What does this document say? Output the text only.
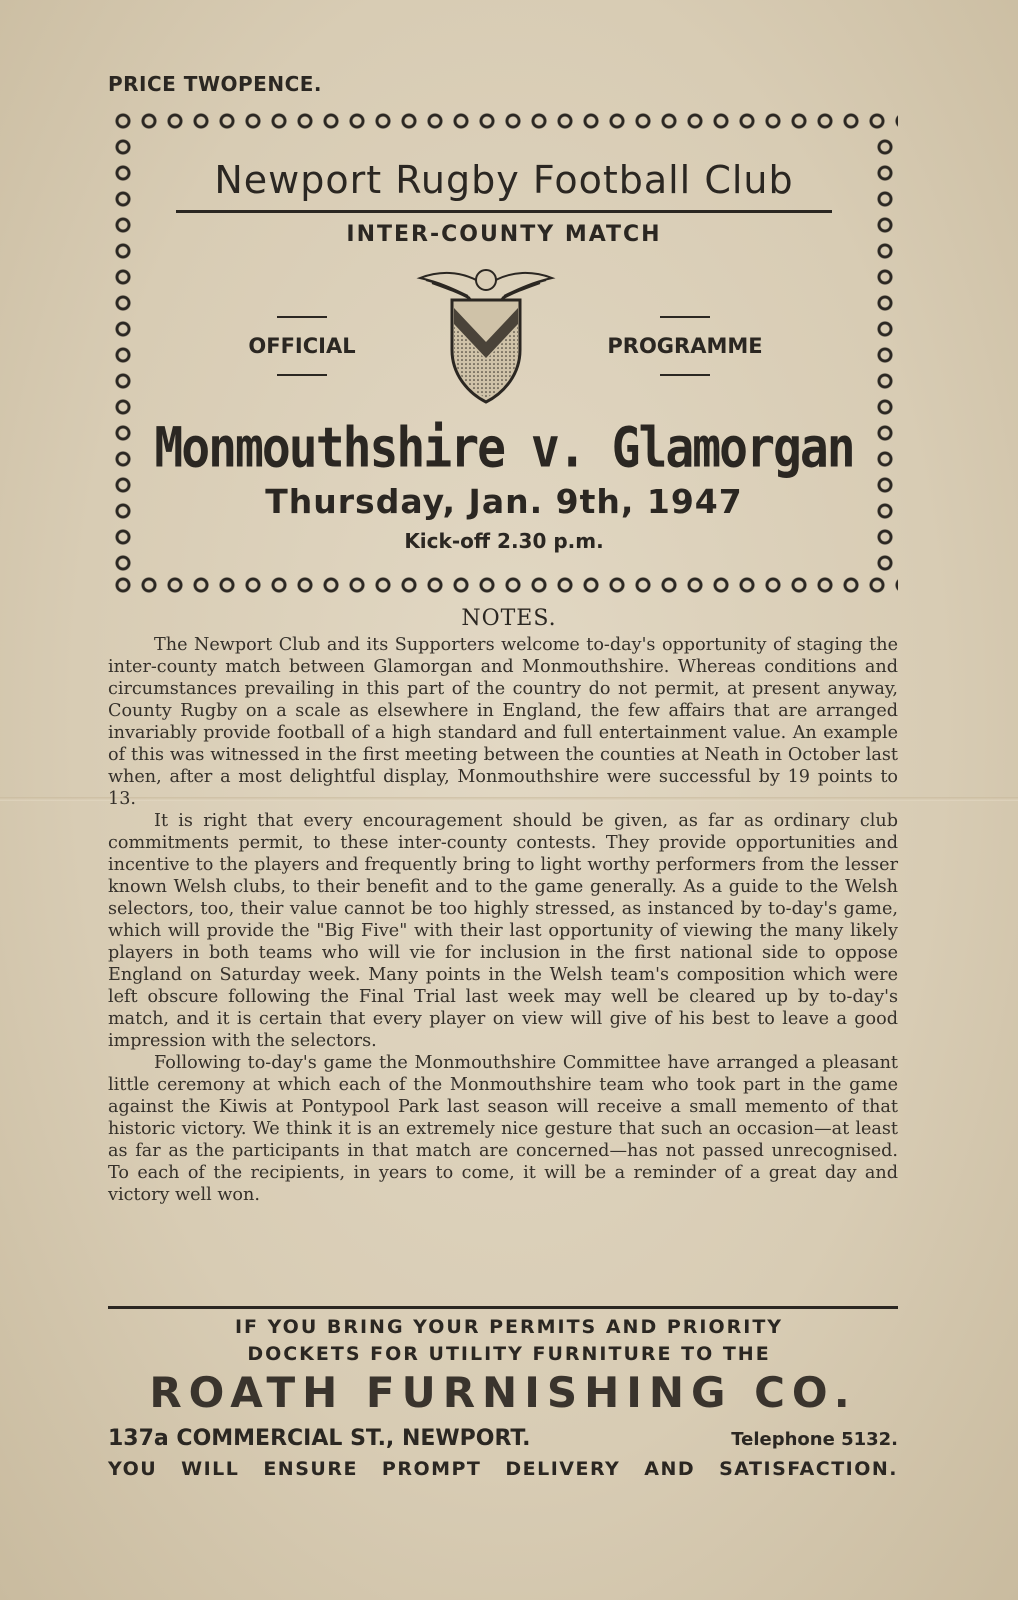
PRICE TWOPENCE.
Newport Rugby Football Club
INTER-COUNTY MATCH
OFFICIAL	PROGRAMME
Monmouthshire v. Glamorgan
Thursday, Jan. 9th, 1947
Kick-off 2.30 p.m.
NOTES.

The Newport Club and its Supporters welcome to-day's opportunity of staging the inter-county match between Glamorgan and Monmouthshire. Whereas conditions and circumstances prevailing in this part of the country do not permit, at present anyway, County Rugby on a scale as elsewhere in England, the few affairs that are arranged invariably provide football of a high standard and full entertainment value. An example of this was witnessed in the first meeting between the counties at Neath in October last when, after a most delightful display, Monmouthshire were successful by 19 points to 13.

It is right that every encouragement should be given, as far as ordinary club commitments permit, to these inter-county contests. They provide opportunities and incentive to the players and frequently bring to light worthy performers from the lesser known Welsh clubs, to their benefit and to the game generally. As a guide to the Welsh selectors, too, their value cannot be too highly stressed, as instanced by to-day's game, which will provide the "Big Five" with their last opportunity of viewing the many likely players in both teams who will vie for inclusion in the first national side to oppose England on Saturday week. Many points in the Welsh team's composition which were left obscure following the Final Trial last week may well be cleared up by to-day's match, and it is certain that every player on view will give of his best to leave a good impression with the selectors.

Following to-day's game the Monmouthshire Committee have arranged a pleasant little ceremony at which each of the Monmouthshire team who took part in the game against the Kiwis at Pontypool Park last season will receive a small memento of that historic victory. We think it is an extremely nice gesture that such an occasion—at least as far as the participants in that match are concerned—has not passed unrecognised. To each of the recipients, in years to come, it will be a reminder of a great day and victory well won.

IF YOU BRING YOUR PERMITS AND PRIORITY
DOCKETS FOR UTILITY FURNITURE TO THE
ROATH FURNISHING CO.
137a COMMERCIAL ST., NEWPORT.	Telephone 5132.
YOU WILL ENSURE PROMPT DELIVERY AND SATISFACTION.
